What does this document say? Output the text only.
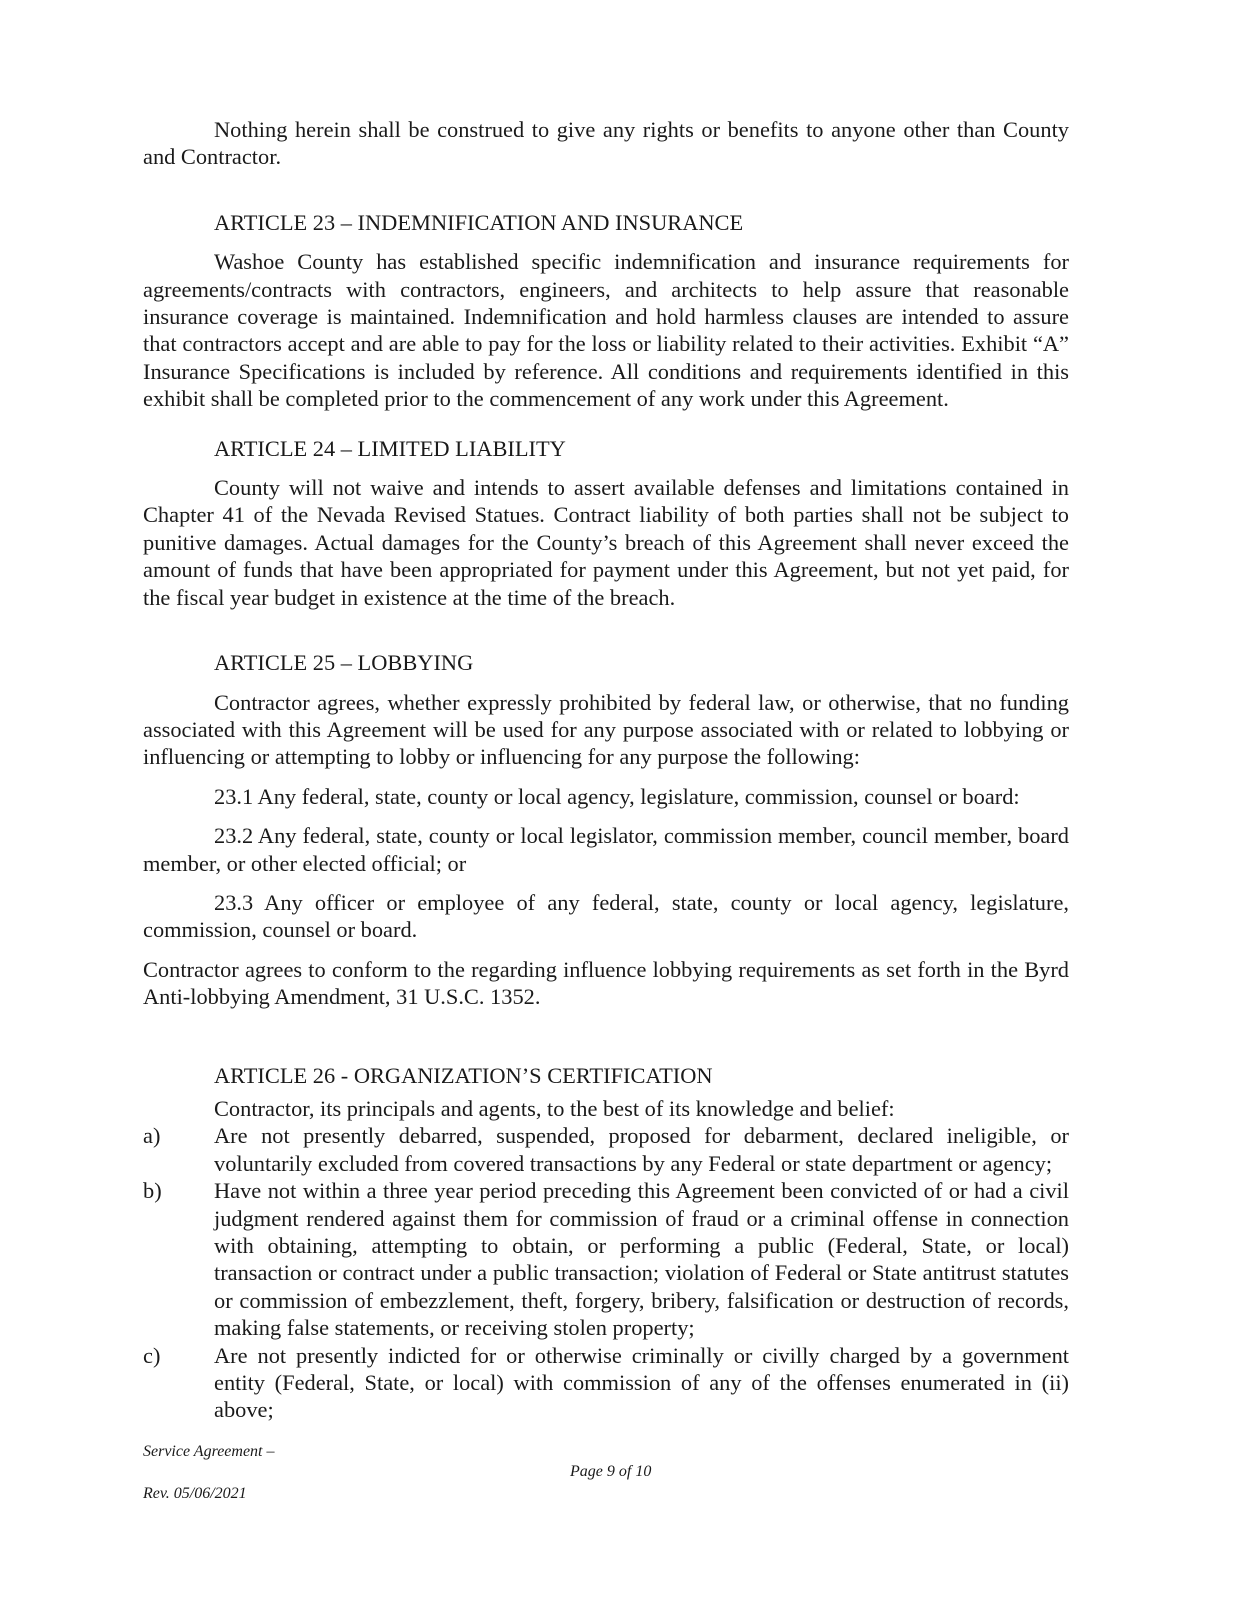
Nothing herein shall be construed to give any rights or benefits to anyone other than County and Contractor.

ARTICLE 23 – INDEMNIFICATION AND INSURANCE

Washoe County has established specific indemnification and insurance requirements for agreements/contracts with contractors, engineers, and architects to help assure that reasonable insurance coverage is maintained. Indemnification and hold harmless clauses are intended to assure that contractors accept and are able to pay for the loss or liability related to their activities. Exhibit “A” Insurance Specifications is included by reference. All conditions and requirements identified in this exhibit shall be completed prior to the commencement of any work under this Agreement.

ARTICLE 24 – LIMITED LIABILITY

County will not waive and intends to assert available defenses and limitations contained in Chapter 41 of the Nevada Revised Statues. Contract liability of both parties shall not be subject to punitive damages. Actual damages for the County’s breach of this Agreement shall never exceed the amount of funds that have been appropriated for payment under this Agreement, but not yet paid, for the fiscal year budget in existence at the time of the breach.

ARTICLE 25 – LOBBYING

Contractor agrees, whether expressly prohibited by federal law, or otherwise, that no funding associated with this Agreement will be used for any purpose associated with or related to lobbying or influencing or attempting to lobby or influencing for any purpose the following:

23.1 Any federal, state, county or local agency, legislature, commission, counsel or board:

23.2 Any federal, state, county or local legislator, commission member, council member, board member, or other elected official; or

23.3 Any officer or employee of any federal, state, county or local agency, legislature, commission, counsel or board.

Contractor agrees to conform to the regarding influence lobbying requirements as set forth in the Byrd Anti-lobbying Amendment, 31 U.S.C. 1352.

ARTICLE 26 - ORGANIZATION’S CERTIFICATION

Contractor, its principals and agents, to the best of its knowledge and belief:

a) Are not presently debarred, suspended, proposed for debarment, declared ineligible, or voluntarily excluded from covered transactions by any Federal or state department or agency;

b) Have not within a three year period preceding this Agreement been convicted of or had a civil judgment rendered against them for commission of fraud or a criminal offense in connection with obtaining, attempting to obtain, or performing a public (Federal, State, or local) transaction or contract under a public transaction; violation of Federal or State antitrust statutes or commission of embezzlement, theft, forgery, bribery, falsification or destruction of records, making false statements, or receiving stolen property;

c) Are not presently indicted for or otherwise criminally or civilly charged by a government entity (Federal, State, or local) with commission of any of the offenses enumerated in (ii) above;

Service Agreement –
Rev. 05/06/2021
Page 9 of 10
